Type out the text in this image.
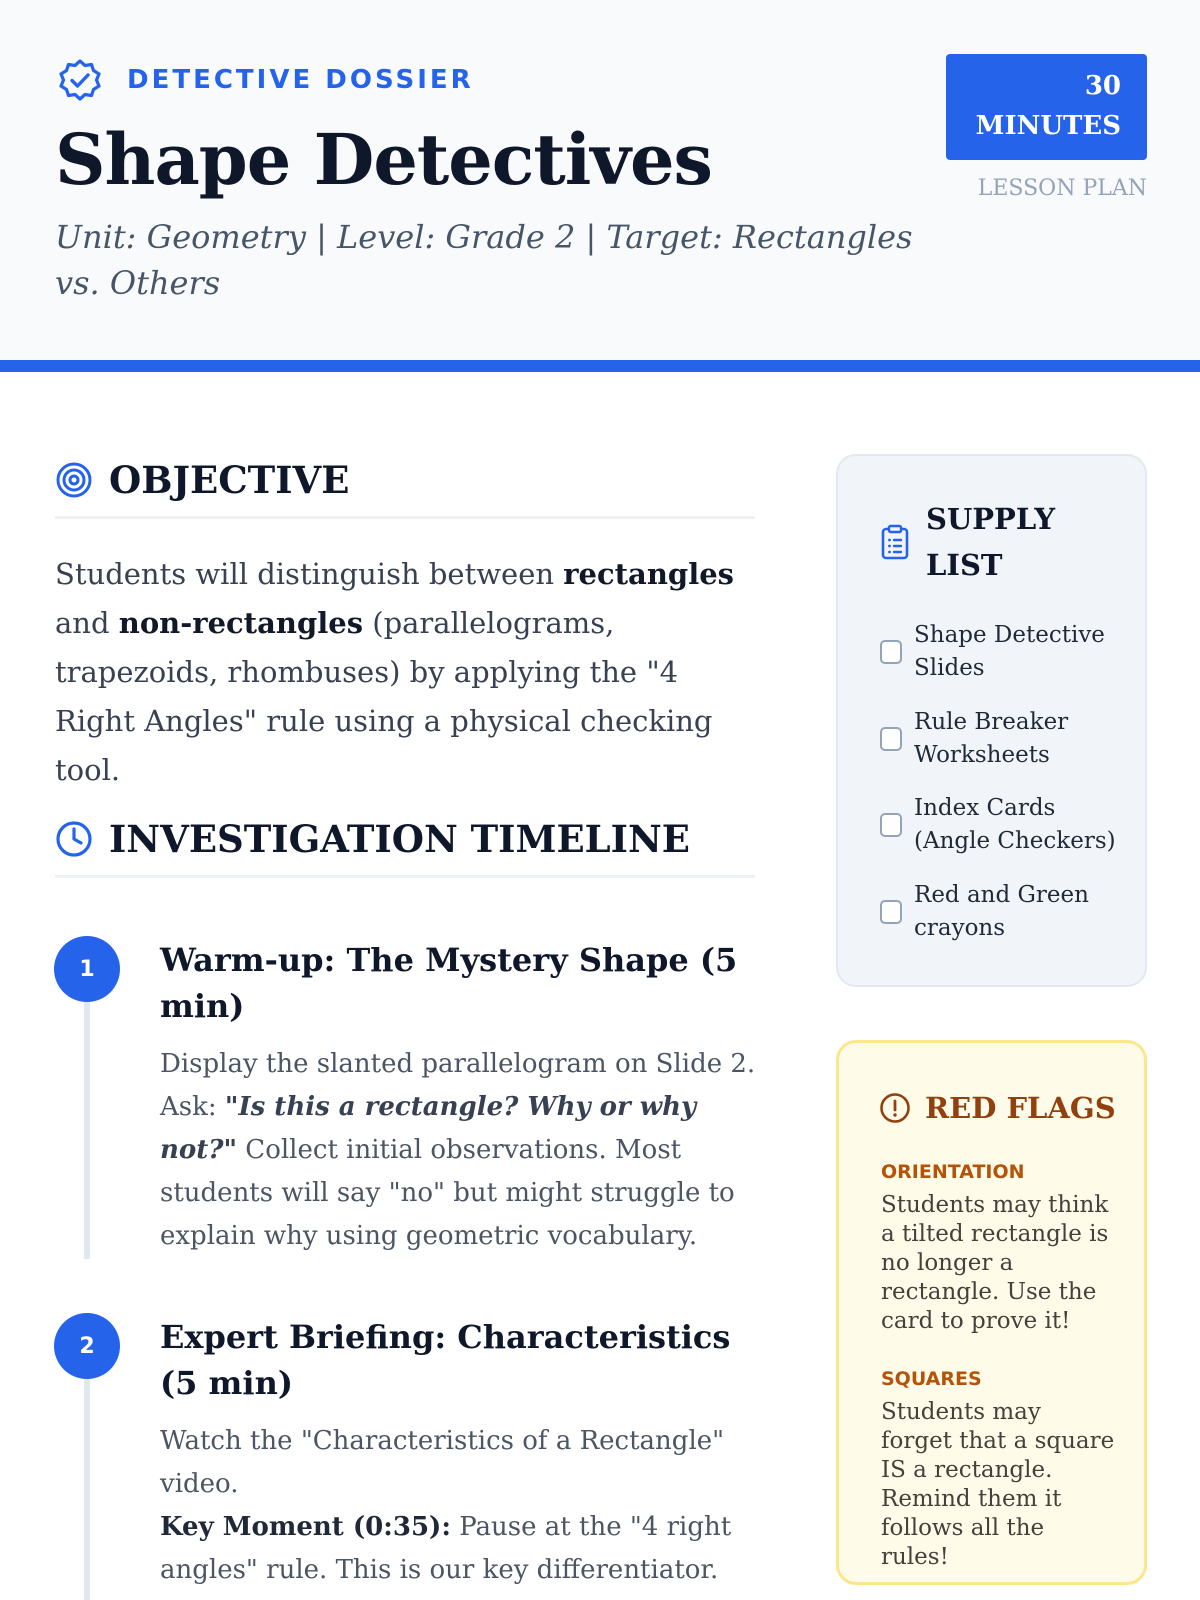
DETECTIVE DOSSIER
Shape Detectives

Unit: Geometry | Level: Grade 2 | Target: Rectangles vs. Others

30
MINUTES
LESSON PLAN
OBJECTIVE

Students will distinguish between rectangles and non-rectangles (parallelograms, trapezoids, rhombuses) by applying the "4 Right Angles" rule using a physical checking tool.

INVESTIGATION TIMELINE
1	Warm-up: The Mystery Shape (5 min)

Display the slanted parallelogram on Slide 2. Ask: "Is this a rectangle? Why or why not?" Collect initial observations. Most students will say "no" but might struggle to explain why using geometric vocabulary.

2	Expert Briefing: Characteristics (5 min)

Watch the "Characteristics of a Rectangle" video.
Key Moment (0:35): Pause at the "4 right angles" rule. This is our key differentiator.

SUPPLY LIST
Shape Detective Slides
Rule Breaker Worksheets
Index Cards (Angle Checkers)
Red and Green crayons
RED FLAGS
ORIENTATION

Students may think a tilted rectangle is no longer a rectangle. Use the card to prove it!

SQUARES

Students may forget that a square IS a rectangle. Remind them it follows all the rules!
